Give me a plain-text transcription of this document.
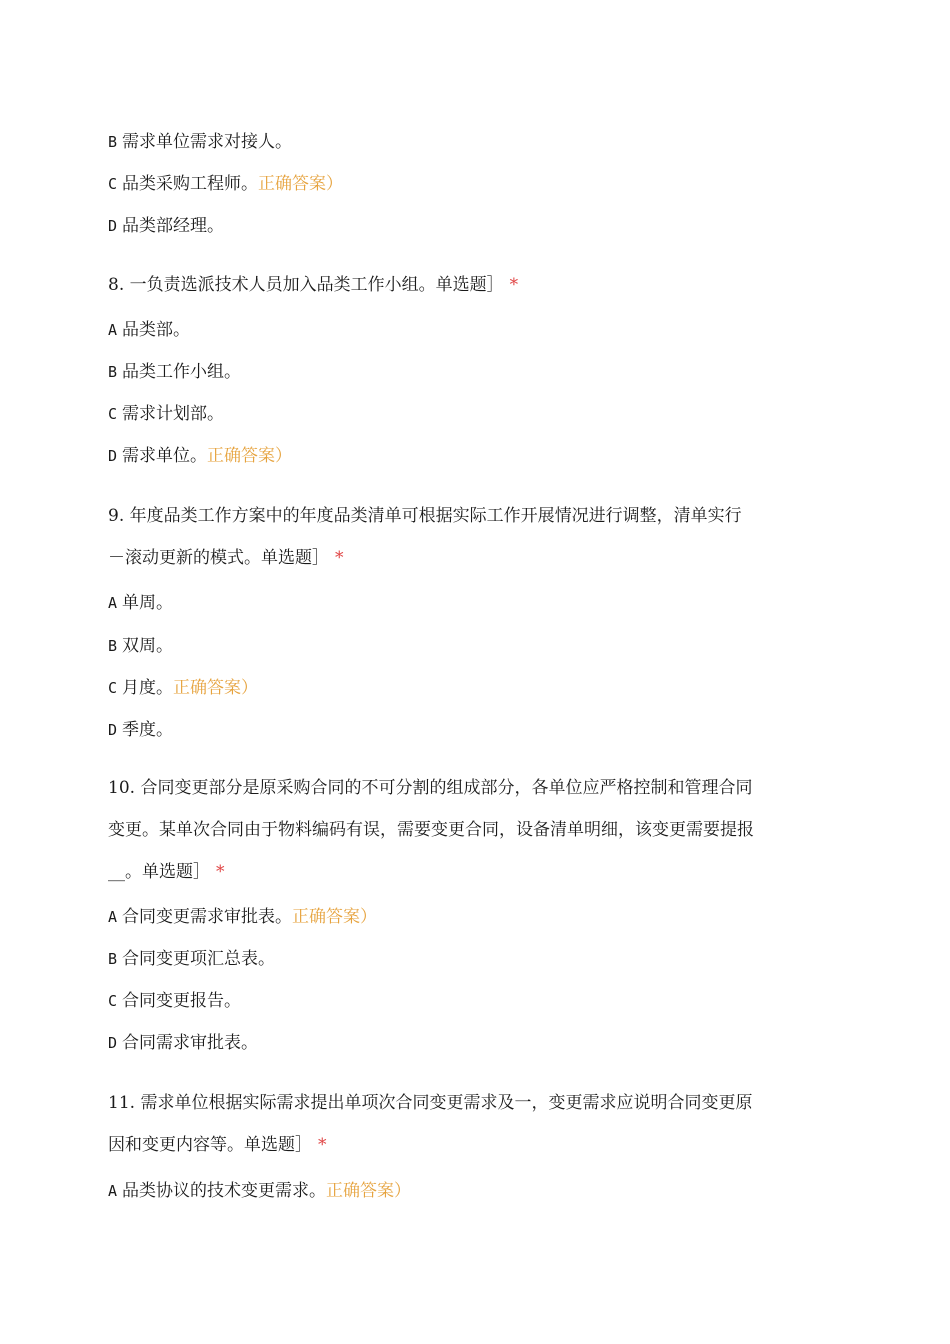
B 需求单位需求对接人。
C 品类采购工程师。正确答案）
D 品类部经理。
8. 一负责选派技术人员加入品类工作小组。单选题］ *
A 品类部。
B 品类工作小组。
C 需求计划部。
D 需求单位。正确答案）
9. 年度品类工作方案中的年度品类清单可根据实际工作开展情况进行调整，清单实行
－滚动更新的模式。单选题］ *
A 单周。
B 双周。
C 月度。正确答案）
D 季度。
10. 合同变更部分是原采购合同的不可分割的组成部分，各单位应严格控制和管理合同
变更。某单次合同由于物料编码有误，需要变更合同，设备清单明细，该变更需要提报
__。单选题］ *
A 合同变更需求审批表。正确答案）
B 合同变更项汇总表。
C 合同变更报告。
D 合同需求审批表。
11. 需求单位根据实际需求提出单项次合同变更需求及一，变更需求应说明合同变更原
因和变更内容等。单选题］ *
A 品类协议的技术变更需求。正确答案）
